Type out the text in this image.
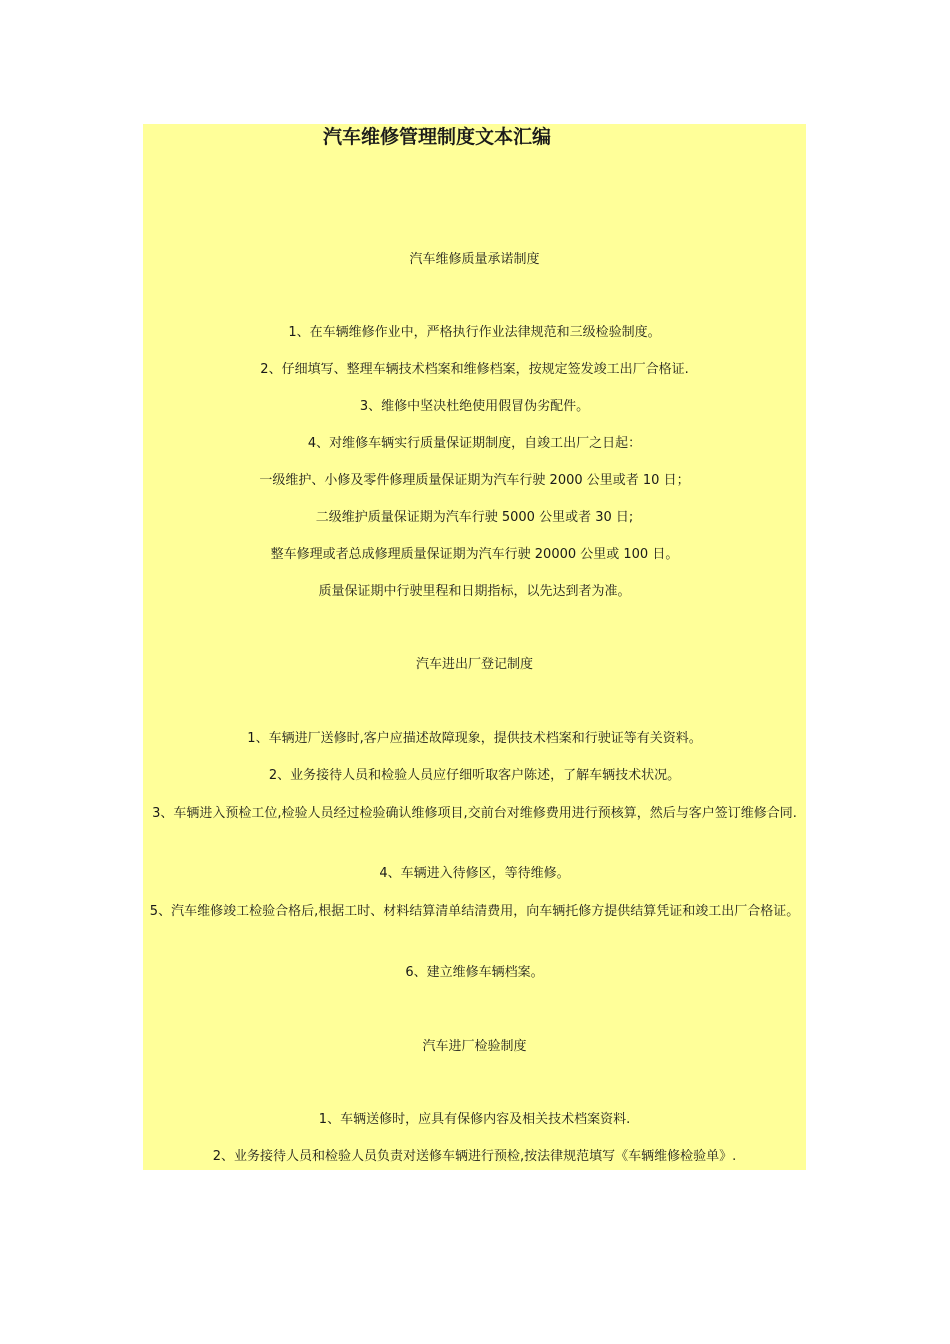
汽车维修管理制度文本汇编

汽车维修质量承诺制度

1、在车辆维修作业中，严格执行作业法律规范和三级检验制度。

2、仔细填写、整理车辆技术档案和维修档案，按规定签发竣工出厂合格证.

3、维修中坚决杜绝使用假冒伪劣配件。

4、对维修车辆实行质量保证期制度，自竣工出厂之日起：

一级维护、小修及零件修理质量保证期为汽车行驶 2000 公里或者 10 日；

二级维护质量保证期为汽车行驶 5000 公里或者 30 日;

整车修理或者总成修理质量保证期为汽车行驶 20000 公里或 100 日。

质量保证期中行驶里程和日期指标，以先达到者为准。

汽车进出厂登记制度

1、车辆进厂送修时,客户应描述故障现象，提供技术档案和行驶证等有关资料。

2、业务接待人员和检验人员应仔细听取客户陈述，了解车辆技术状况。

3、车辆进入预检工位,检验人员经过检验确认维修项目,交前台对维修费用进行预核算，然后与客户签订维修合同.

4、车辆进入待修区，等待维修。

5、汽车维修竣工检验合格后,根据工时、材料结算清单结清费用，向车辆托修方提供结算凭证和竣工出厂合格证。

6、建立维修车辆档案。

汽车进厂检验制度

1、车辆送修时，应具有保修内容及相关技术档案资料.

2、业务接待人员和检验人员负责对送修车辆进行预检,按法律规范填写《车辆维修检验单》.
